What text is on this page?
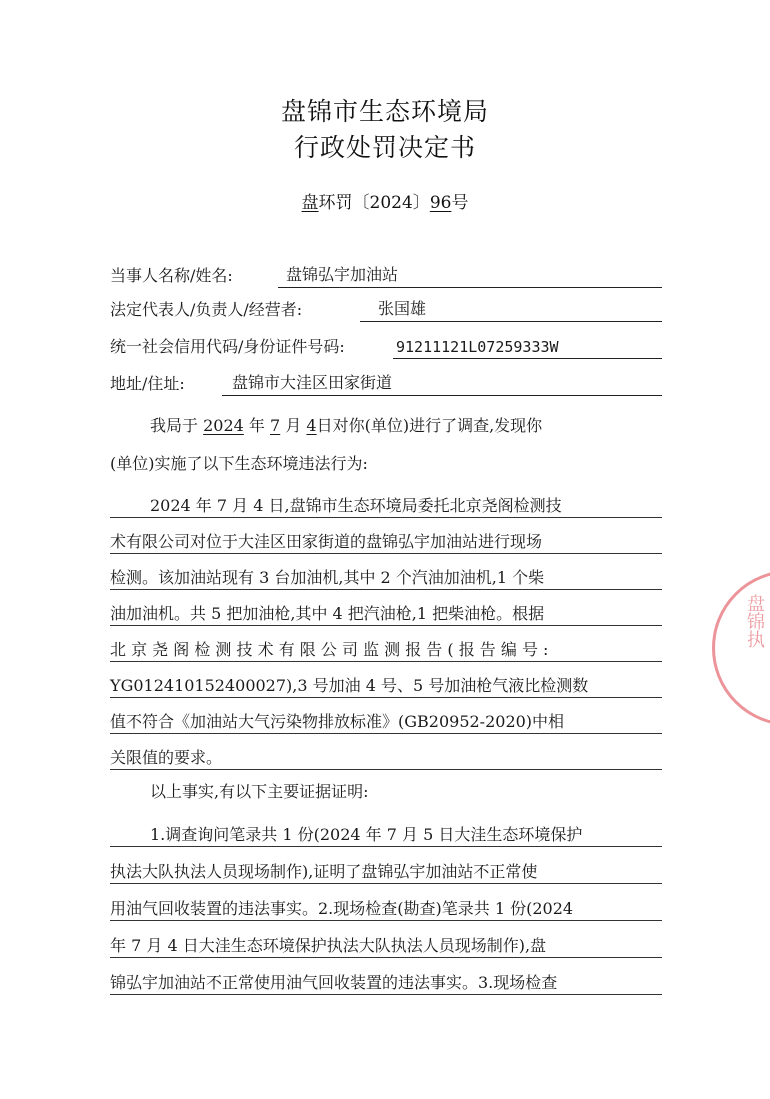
盘锦市生态环境局
行政处罚决定书
盘环罚〔2024〕96号
当事人名称/姓名:	盘锦弘宇加油站
法定代表人/负责人/经营者:	张国雄
统一社会信用代码/身份证件号码:	91211121L07259333W
地址/住址:	盘锦市大洼区田家街道
我局于 2024 年 7 月 4日对你(单位)进行了调查,发现你
(单位)实施了以下生态环境违法行为:
2024 年 7 月 4 日,盘锦市生态环境局委托北京尧阁检测技
术有限公司对位于大洼区田家街道的盘锦弘宇加油站进行现场
检测。该加油站现有 3 台加油机,其中 2 个汽油加油机,1 个柴
油加油机。共 5 把加油枪,其中 4 把汽油枪,1 把柴油枪。根据
北 京 尧 阁 检 测 技 术 有 限 公 司 监 测 报 告 ( 报 告 编 号 :
YG012410152400027),3 号加油 4 号、5 号加油枪气液比检测数
值不符合《加油站大气污染物排放标准》(GB20952-2020)中相
关限值的要求。
以上事实,有以下主要证据证明:
1.调查询问笔录共 1 份(2024 年 7 月 5 日大洼生态环境保护
执法大队执法人员现场制作),证明了盘锦弘宇加油站不正常使
用油气回收装置的违法事实。2.现场检查(勘查)笔录共 1 份(2024
年 7 月 4 日大洼生态环境保护执法大队执法人员现场制作),盘
锦弘宇加油站不正常使用油气回收装置的违法事实。3.现场检查
盘锦执
